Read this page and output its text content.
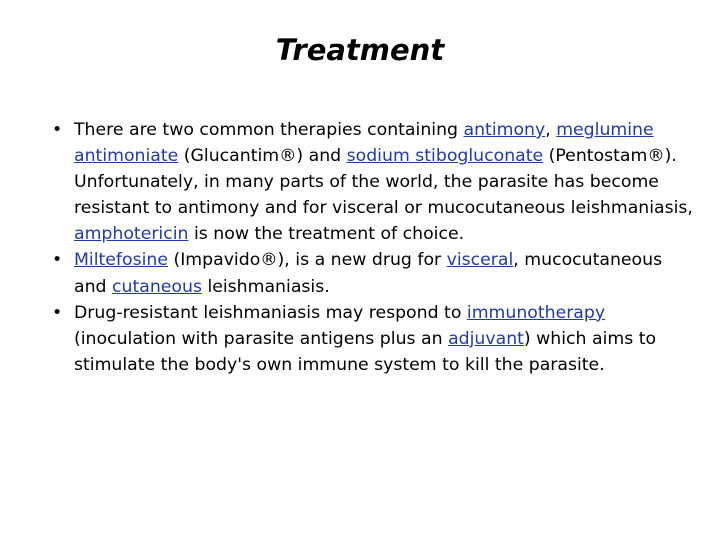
Treatment

• There are two common therapies containing antimony, meglumine antimoniate (Glucantim®) and sodium stibogluconate (Pentostam®). Unfortunately, in many parts of the world, the parasite has become resistant to antimony and for visceral or mucocutaneous leishmaniasis, amphotericin is now the treatment of choice.

• Miltefosine (Impavido®), is a new drug for visceral, mucocutaneous and cutaneous leishmaniasis.

• Drug-resistant leishmaniasis may respond to immunotherapy (inoculation with parasite antigens plus an adjuvant) which aims to stimulate the body's own immune system to kill the parasite.
